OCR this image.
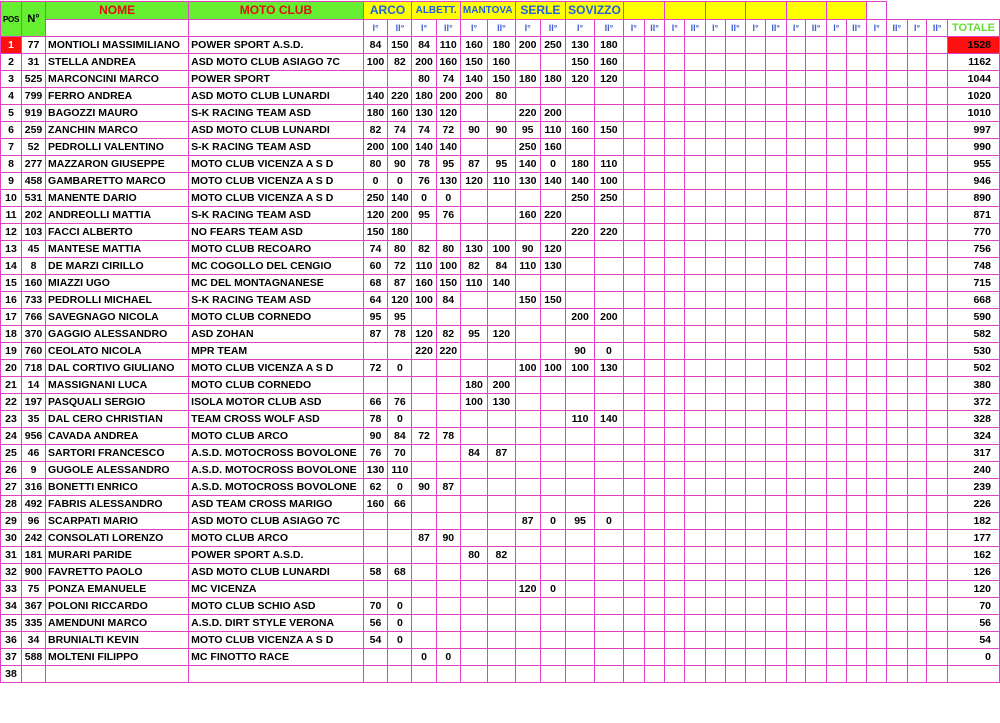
POS	N°	NOME	MOTO CLUB	ARCO		ALBETT.		MANTOVA		SERLE		SOVIZZO																		
				I°	II°	I°	II°	I°	II°	I°	II°	I°	II°	I°	II°	I°	II°	I°	II°	I°	II°	I°	II°	I°	II°	I°	II°	I°	II°	TOTALE
1	77	MONTIOLI MASSIMILIANO	POWER SPORT A.S.D.	84	150	84	110	160	180	200	250	130	180																	1528
2	31	STELLA ANDREA	ASD MOTO CLUB ASIAGO 7C	100	82	200	160	150	160			150	160																	1162
3	525	MARCONCINI MARCO	POWER SPORT			80	74	140	150	180	180	120	120																	1044
4	799	FERRO ANDREA	ASD MOTO CLUB LUNARDI	140	220	180	200	200	80																					1020
5	919	BAGOZZI MAURO	S-K RACING TEAM ASD	180	160	130	120			220	200																			1010
6	259	ZANCHIN MARCO	ASD MOTO CLUB LUNARDI	82	74	74	72	90	90	95	110	160	150																	997
7	52	PEDROLLI VALENTINO	S-K RACING TEAM ASD	200	100	140	140			250	160																			990
8	277	MAZZARON GIUSEPPE	MOTO CLUB VICENZA A S D	80	90	78	95	87	95	140	0	180	110																	955
9	458	GAMBARETTO MARCO	MOTO CLUB VICENZA A S D	0	0	76	130	120	110	130	140	140	100																	946
10	531	MANENTE DARIO	MOTO CLUB VICENZA A S D	250	140	0	0					250	250																	890
11	202	ANDREOLLI MATTIA	S-K RACING TEAM ASD	120	200	95	76			160	220																			871
12	103	FACCI ALBERTO	NO FEARS TEAM ASD	150	180							220	220																	770
13	45	MANTESE MATTIA	MOTO CLUB RECOARO	74	80	82	80	130	100	90	120																			756
14	8	DE MARZI CIRILLO	MC COGOLLO DEL CENGIO	60	72	110	100	82	84	110	130																			748
15	160	MIAZZI UGO	MC DEL MONTAGNANESE	68	87	160	150	110	140																					715
16	733	PEDROLLI MICHAEL	S-K RACING TEAM ASD	64	120	100	84			150	150																			668
17	766	SAVEGNAGO NICOLA	MOTO CLUB CORNEDO	95	95							200	200																	590
18	370	GAGGIO ALESSANDRO	ASD ZOHAN	87	78	120	82	95	120																					582
19	760	CEOLATO NICOLA	MPR TEAM			220	220					90	0																	530
20	718	DAL CORTIVO GIULIANO	MOTO CLUB VICENZA A S D	72	0					100	100	100	130																	502
21	14	MASSIGNANI LUCA	MOTO CLUB CORNEDO					180	200																					380
22	197	PASQUALI SERGIO	ISOLA MOTOR CLUB ASD	66	76			100	130																					372
23	35	DAL CERO CHRISTIAN	TEAM CROSS WOLF ASD	78	0							110	140																	328
24	956	CAVADA ANDREA	MOTO CLUB ARCO	90	84	72	78																							324
25	46	SARTORI FRANCESCO	A.S.D. MOTOCROSS BOVOLONE	76	70			84	87																					317
26	9	GUGOLE ALESSANDRO	A.S.D. MOTOCROSS BOVOLONE	130	110																									240
27	316	BONETTI ENRICO	A.S.D. MOTOCROSS BOVOLONE	62	0	90	87																							239
28	492	FABRIS ALESSANDRO	ASD TEAM CROSS MARIGO	160	66																									226
29	96	SCARPATI MARIO	ASD MOTO CLUB ASIAGO 7C							87	0	95	0																	182
30	242	CONSOLATI LORENZO	MOTO CLUB ARCO			87	90																							177
31	181	MURARI PARIDE	POWER SPORT A.S.D.					80	82																					162
32	900	FAVRETTO PAOLO	ASD MOTO CLUB LUNARDI	58	68																									126
33	75	PONZA EMANUELE	MC VICENZA							120	0																			120
34	367	POLONI RICCARDO	MOTO CLUB SCHIO ASD	70	0																									70
35	335	AMENDUNI MARCO	A.S.D. DIRT STYLE VERONA	56	0																									56
36	34	BRUNIALTI KEVIN	MOTO CLUB VICENZA A S D	54	0																									54
37	588	MOLTENI FILIPPO	MC FINOTTO RACE			0	0																							0
38																														
